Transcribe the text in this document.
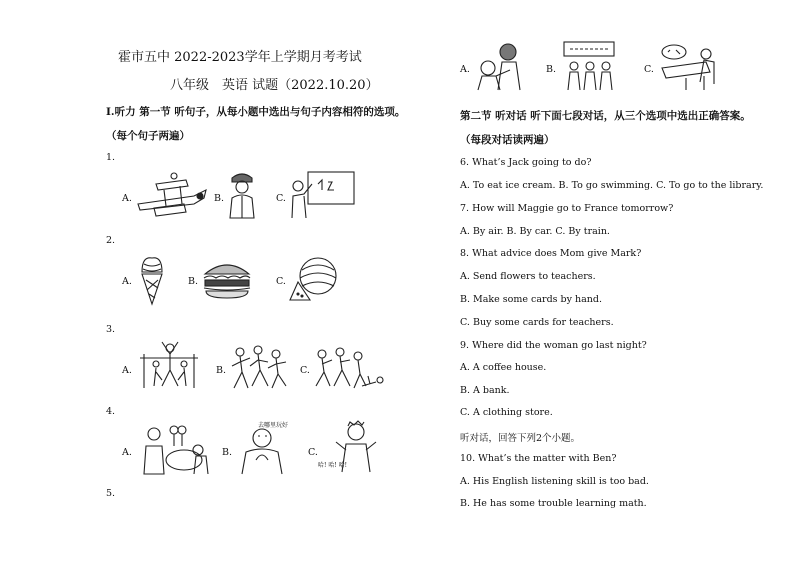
霍市五中 2022-2023学年上学期月考考试
八年级　英语 试题（2022.10.20）
Ⅰ.听力 第一节 听句子，从每小题中选出与句子内容相符的选项。
（每个句子两遍）
1.
A.	B.	C.
2.
A.	B.	C.
3.
A.	B.	C.
4.
A.	B.
去哪里玩好
C.
哈! 哈! 哈!
5.
A.	B.	C.
第二节 听对话 听下面七段对话，从三个选项中选出正确答案。
（每段对话读两遍）
6. What’s Jack going to do?
A. To eat ice cream. B. To go swimming. C. To go to the library.
7. How will Maggie go to France tomorrow?
A. By air. B. By car. C. By train.
8. What advice does Mom give Mark?
A. Send flowers to teachers.
B. Make some cards by hand.
C. Buy some cards for teachers.
9. Where did the woman go last night?
A. A coffee house.
B. A bank.
C. A clothing store.
听对话，回答下列2个小题。
10. What’s the matter with Ben?
A. His English listening skill is too bad.
B. He has some trouble learning math.
